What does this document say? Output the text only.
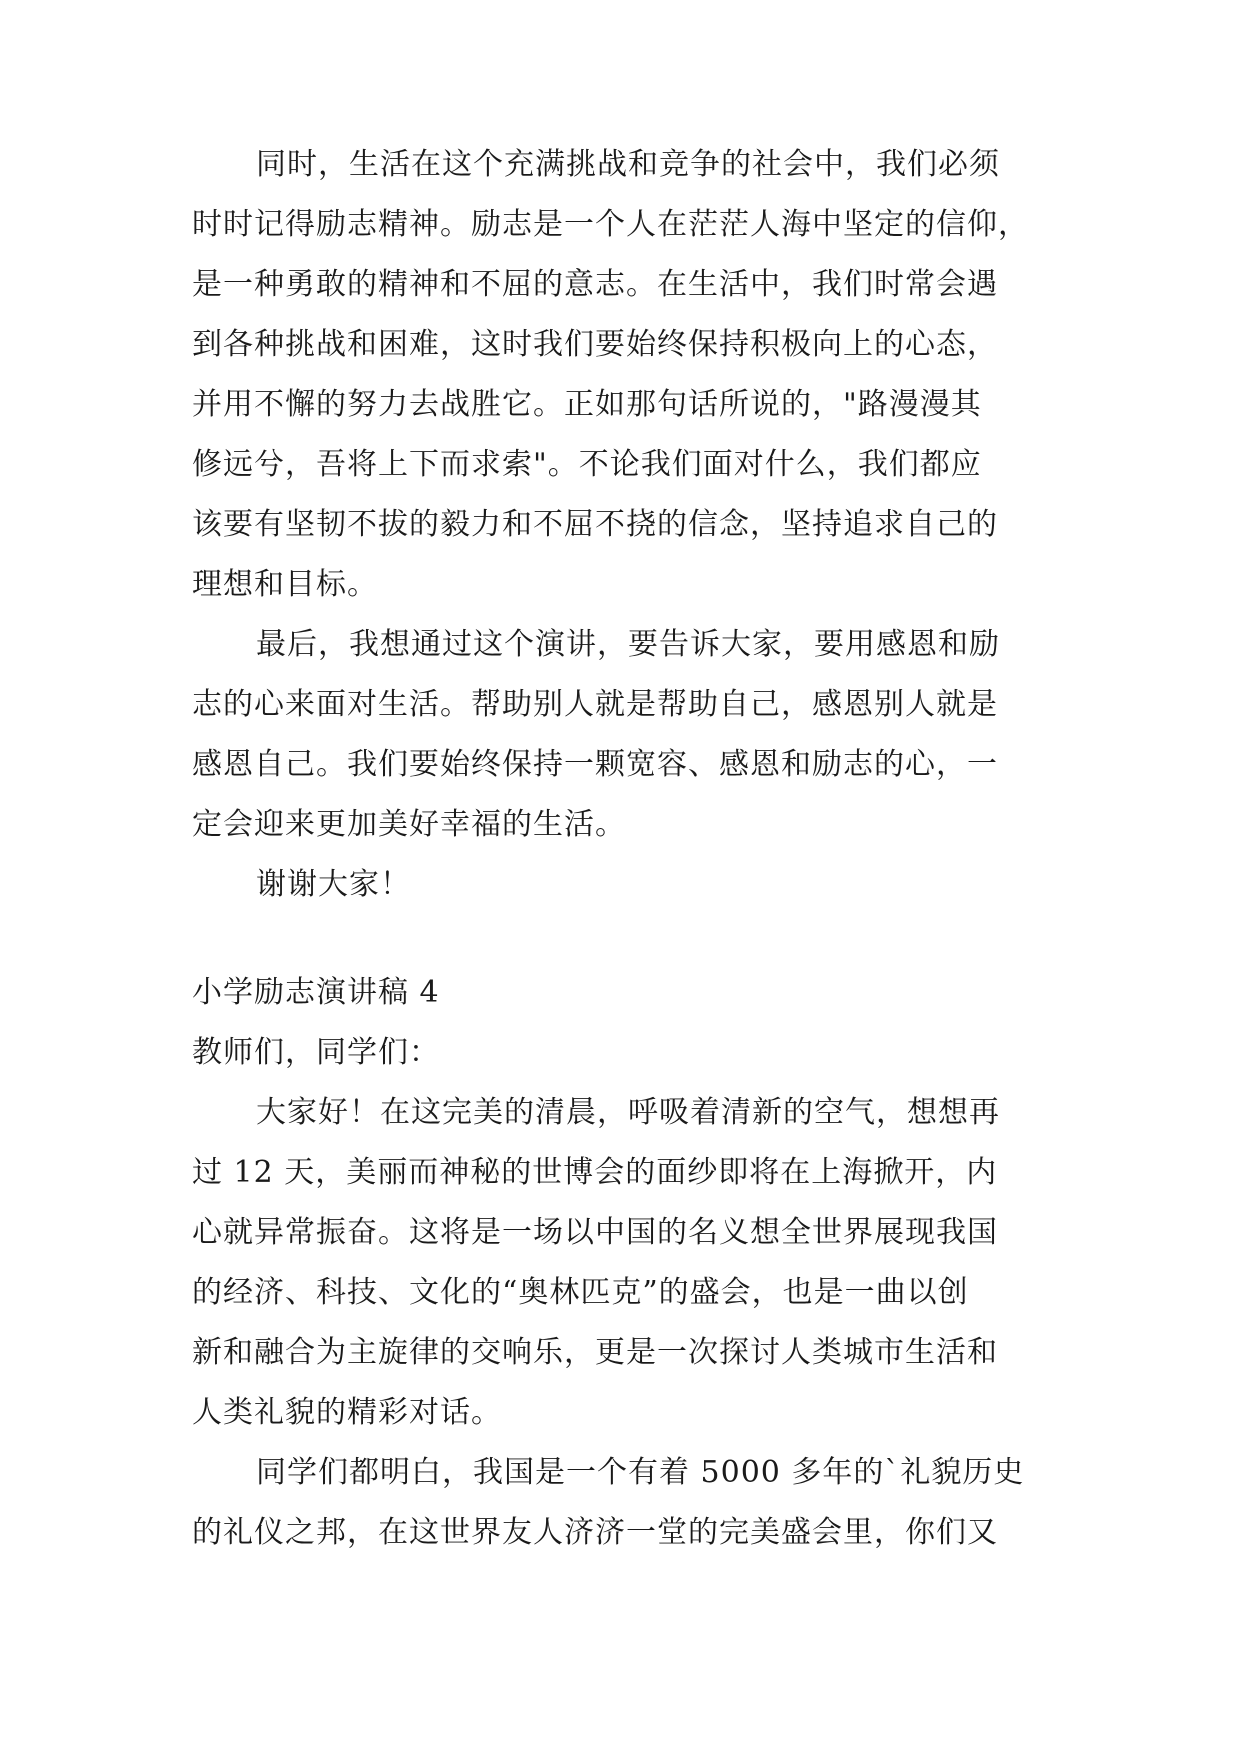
同时，生活在这个充满挑战和竞争的社会中，我们必须
时时记得励志精神。励志是一个人在茫茫人海中坚定的信仰，
是一种勇敢的精神和不屈的意志。在生活中，我们时常会遇
到各种挑战和困难，这时我们要始终保持积极向上的心态，
并用不懈的努力去战胜它。正如那句话所说的，"路漫漫其
修远兮，吾将上下而求索"。不论我们面对什么，我们都应
该要有坚韧不拔的毅力和不屈不挠的信念，坚持追求自己的
理想和目标。
最后，我想通过这个演讲，要告诉大家，要用感恩和励
志的心来面对生活。帮助别人就是帮助自己，感恩别人就是
感恩自己。我们要始终保持一颗宽容、感恩和励志的心，一
定会迎来更加美好幸福的生活。
谢谢大家！
小学励志演讲稿 4
教师们，同学们：
大家好！在这完美的清晨，呼吸着清新的空气，想想再
过 12 天，美丽而神秘的世博会的面纱即将在上海掀开，内
心就异常振奋。这将是一场以中国的名义想全世界展现我国
的经济、科技、文化的“奥林匹克”的盛会，也是一曲以创
新和融合为主旋律的交响乐，更是一次探讨人类城市生活和
人类礼貌的精彩对话。
同学们都明白，我国是一个有着 5000 多年的`礼貌历史
的礼仪之邦，在这世界友人济济一堂的完美盛会里，你们又
